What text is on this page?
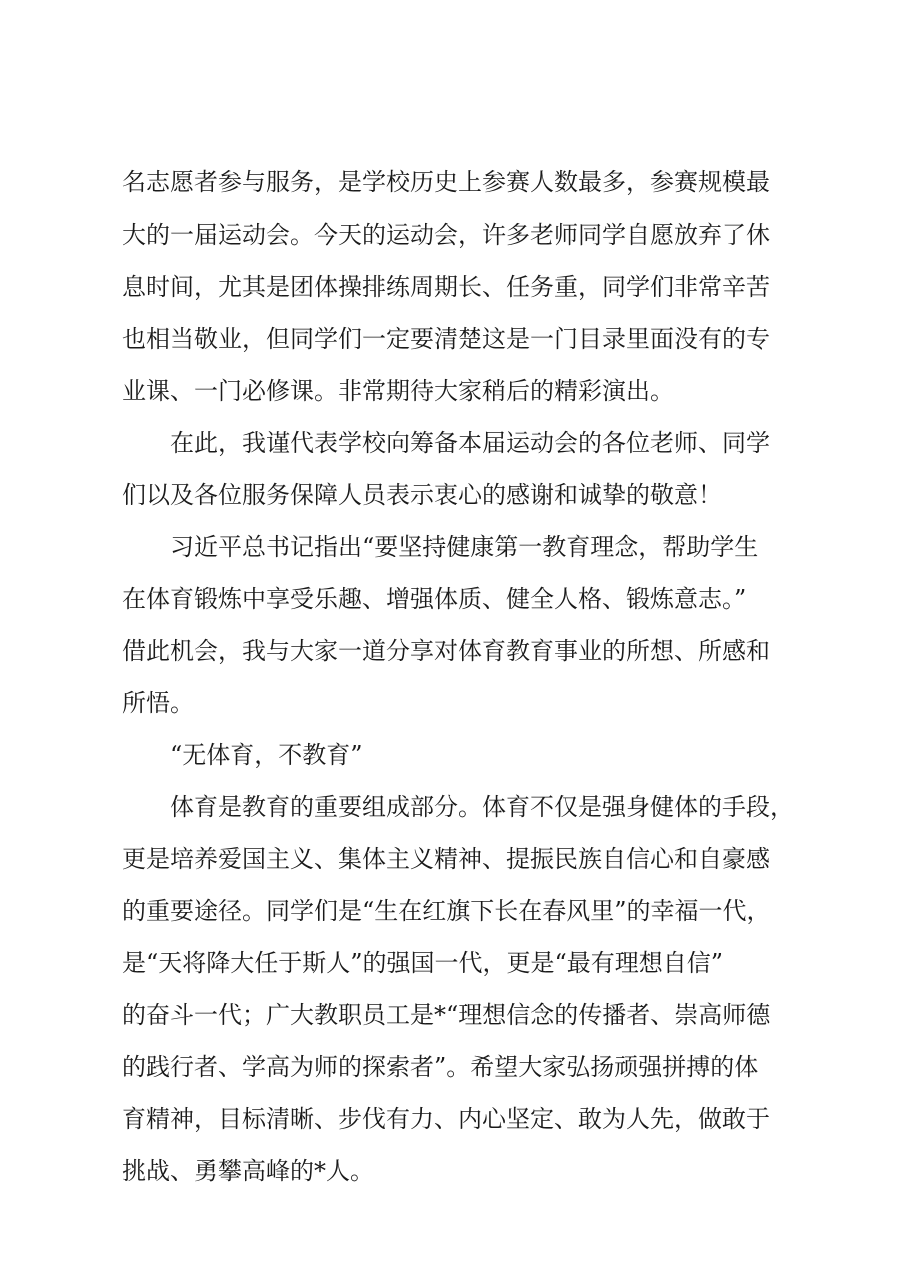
名志愿者参与服务，是学校历史上参赛人数最多，参赛规模最
大的一届运动会。今天的运动会，许多老师同学自愿放弃了休
息时间，尤其是团体操排练周期长、任务重，同学们非常辛苦
也相当敬业，但同学们一定要清楚这是一门目录里面没有的专
业课、一门必修课。非常期待大家稍后的精彩演出。
在此，我谨代表学校向筹备本届运动会的各位老师、同学
们以及各位服务保障人员表示衷心的感谢和诚挚的敬意！
习近平总书记指出“要坚持健康第一教育理念，帮助学生
在体育锻炼中享受乐趣、增强体质、健全人格、锻炼意志。”
借此机会，我与大家一道分享对体育教育事业的所想、所感和
所悟。
“无体育，不教育”
体育是教育的重要组成部分。体育不仅是强身健体的手段，
更是培养爱国主义、集体主义精神、提振民族自信心和自豪感
的重要途径。同学们是“生在红旗下长在春风里”的幸福一代，
是“天将降大任于斯人”的强国一代，更是“最有理想自信”
的奋斗一代；广大教职员工是*“理想信念的传播者、崇高师德
的践行者、学高为师的探索者”。希望大家弘扬顽强拼搏的体
育精神，目标清晰、步伐有力、内心坚定、敢为人先，做敢于
挑战、勇攀高峰的*人。
